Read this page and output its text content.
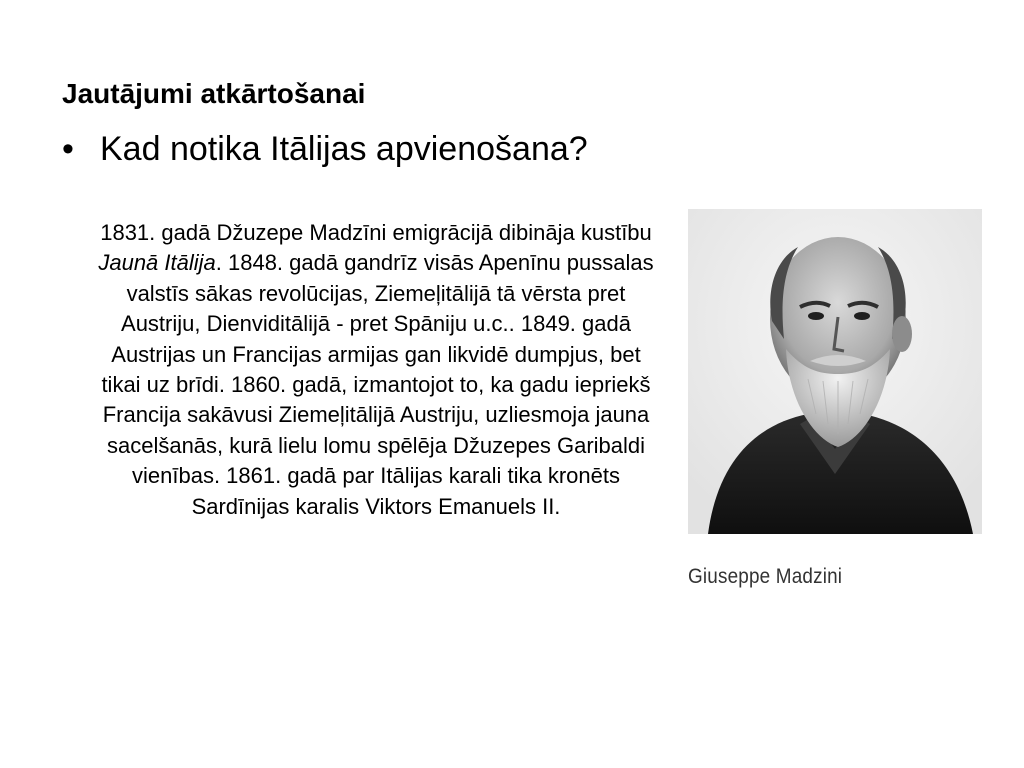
Jautājumi atkārtošanai
• Kad notika Itālijas apvienošana?
1831. gadā Džuzepe Madzīni emigrācijā dibināja kustību Jaunā Itālija. 1848. gadā gandrīz visās Apenīnu pussalas valstīs sākas revolūcijas, Ziemeļitālijā tā vērsta pret Austriju, Dienviditālijā - pret Spāniju u.c.. 1849. gadā Austrijas un Francijas armijas gan likvidē dumpjus, bet tikai uz brīdi. 1860. gadā, izmantojot to, ka gadu iepriekš Francija sakāvusi Ziemeļitālijā Austriju, uzliesmoja jauna sacelšanās, kurā lielu lomu spēlēja Džuzepes Garibaldi vienības. 1861. gadā par Itālijas karali tika kronēts Sardīnijas karalis Viktors Emanuels II.
Giuseppe Madzini
